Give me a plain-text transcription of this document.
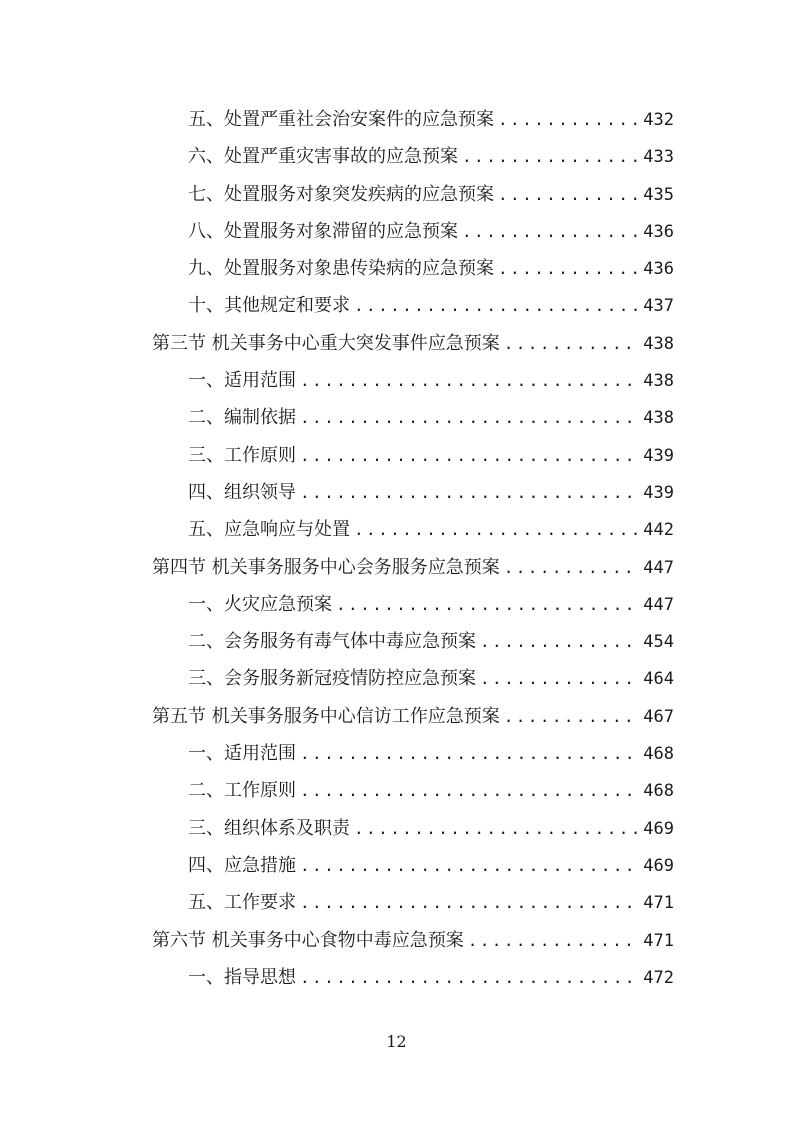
五、处置严重社会治安案件的应急预案 .....	432
六、处置严重灾害事故的应急预案 .....	433
七、处置服务对象突发疾病的应急预案 .....	435
八、处置服务对象滞留的应急预案 .....	436
九、处置服务对象患传染病的应急预案 .....	436
十、其他规定和要求 .....	437
第三节 机关事务中心重大突发事件应急预案 .....	438
一、适用范围 .....	438
二、编制依据 .....	438
三、工作原则 .....	439
四、组织领导 .....	439
五、应急响应与处置 .....	442
第四节 机关事务服务中心会务服务应急预案 .....	447
一、火灾应急预案 .....	447
二、会务服务有毒气体中毒应急预案 .....	454
三、会务服务新冠疫情防控应急预案 .....	464
第五节 机关事务服务中心信访工作应急预案 .....	467
一、适用范围 .....	468
二、工作原则 .....	468
三、组织体系及职责 .....	469
四、应急措施 .....	469
五、工作要求 .....	471
第六节 机关事务中心食物中毒应急预案 .....	471
一、指导思想 .....	472
12
